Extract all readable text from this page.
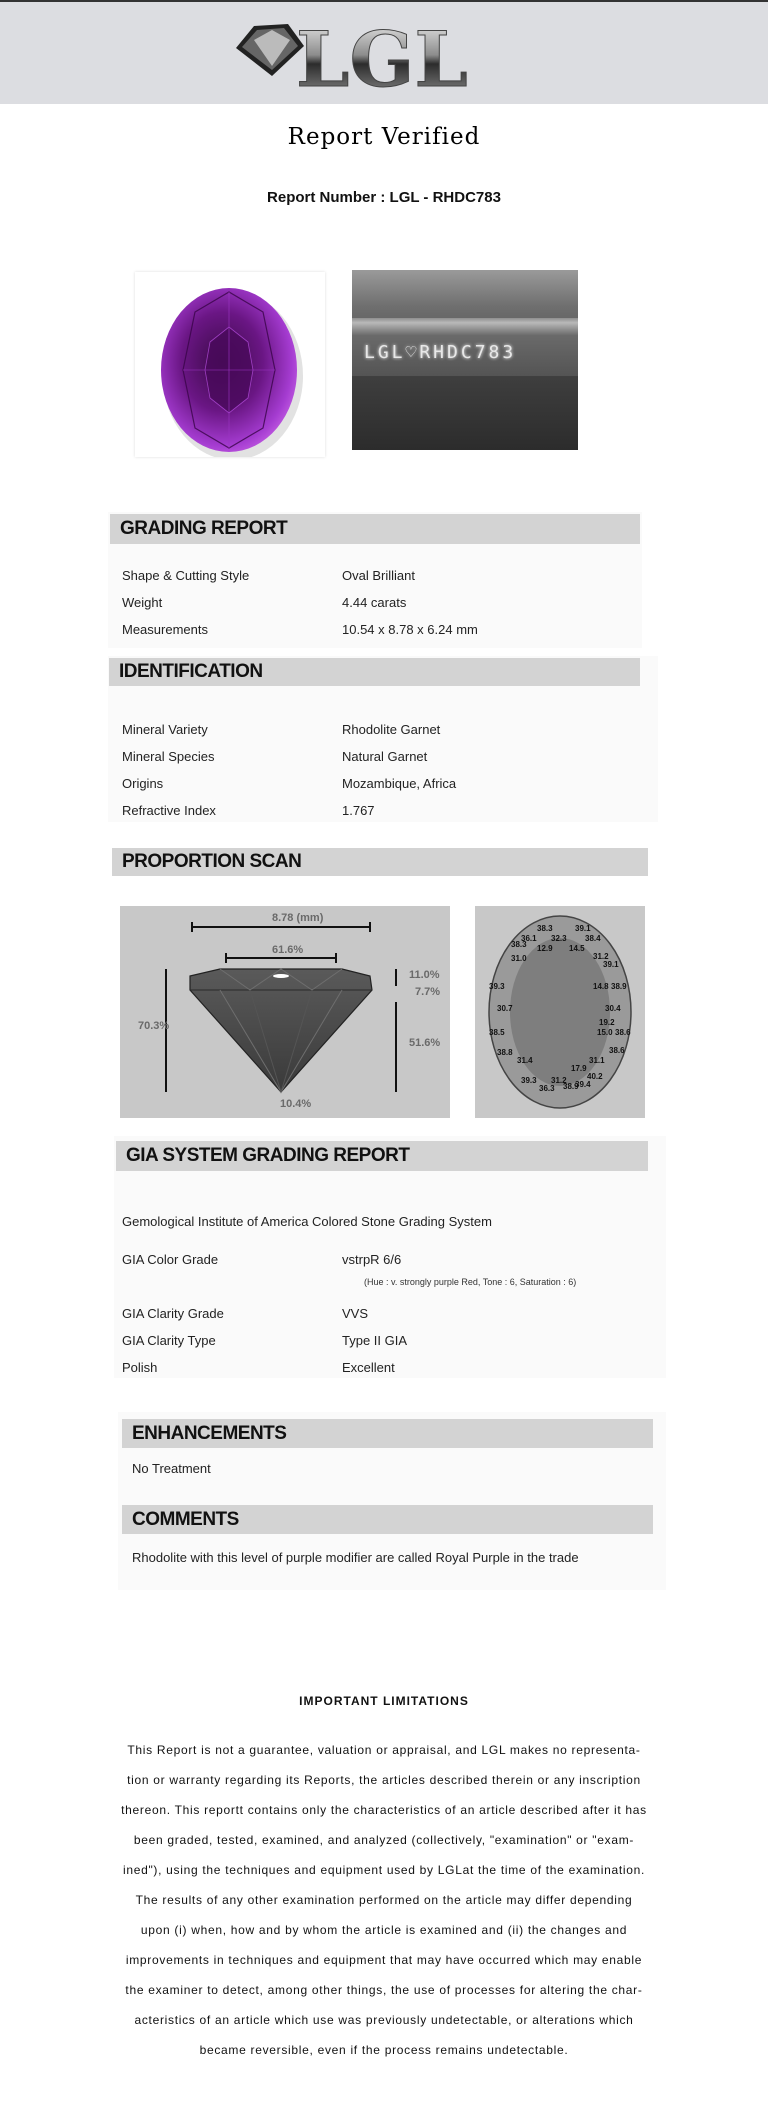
LGL
Report Verified
Report Number : LGL - RHDC783
LGL♡RHDC783
GRADING REPORT
Shape & Cutting Style	Oval Brilliant
Weight	4.44 carats
Measurements	10.54 x 8.78 x 6.24 mm
IDENTIFICATION
Mineral Variety	Rhodolite Garnet
Mineral Species	Natural Garnet
Origins	Mozambique, Africa
Refractive Index	1.767
PROPORTION SCAN
8.78 (mm)
61.6%
11.0%
7.7%
70.3%
51.6%
10.4%
38.3	39.1
36.1 32.3 38.4
38.3 12.9 14.5
31.2
31.0
39.1
39.3	14.8 38.9
30.7	30.4
19.2
38.5	15.0 38.6
38.8	38.6
31.4	31.1
17.9
39.3 31.2	40.2
36.3 38.9
39.4
GIA SYSTEM GRADING REPORT
Gemological Institute of America Colored Stone Grading System
GIA Color Grade	vstrpR 6/6
(Hue : v. strongly purple Red, Tone : 6, Saturation : 6)
GIA Clarity Grade	VVS
GIA Clarity Type	Type II GIA
Polish	Excellent
ENHANCEMENTS
No Treatment
COMMENTS
Rhodolite with this level of purple modifier are called Royal Purple in the trade
IMPORTANT LIMITATIONS
This Report is not a guarantee, valuation or appraisal, and LGL makes no representa-tion or warranty regarding its Reports, the articles described therein or any inscription thereon. This reportt contains only the characteristics of an article described after it has been graded, tested, examined, and analyzed (collectively, "examination" or "exam-ined"), using the techniques and equipment used by LGLat the time of the examination. The results of any other examination performed on the article may differ depending upon (i) when, how and by whom the article is examined and (ii) the changes and improvements in techniques and equipment that may have occurred which may enable the examiner to detect, among other things, the use of processes for altering the char-acteristics of an article which use was previously undetectable, or alterations which became reversible, even if the process remains undetectable.
